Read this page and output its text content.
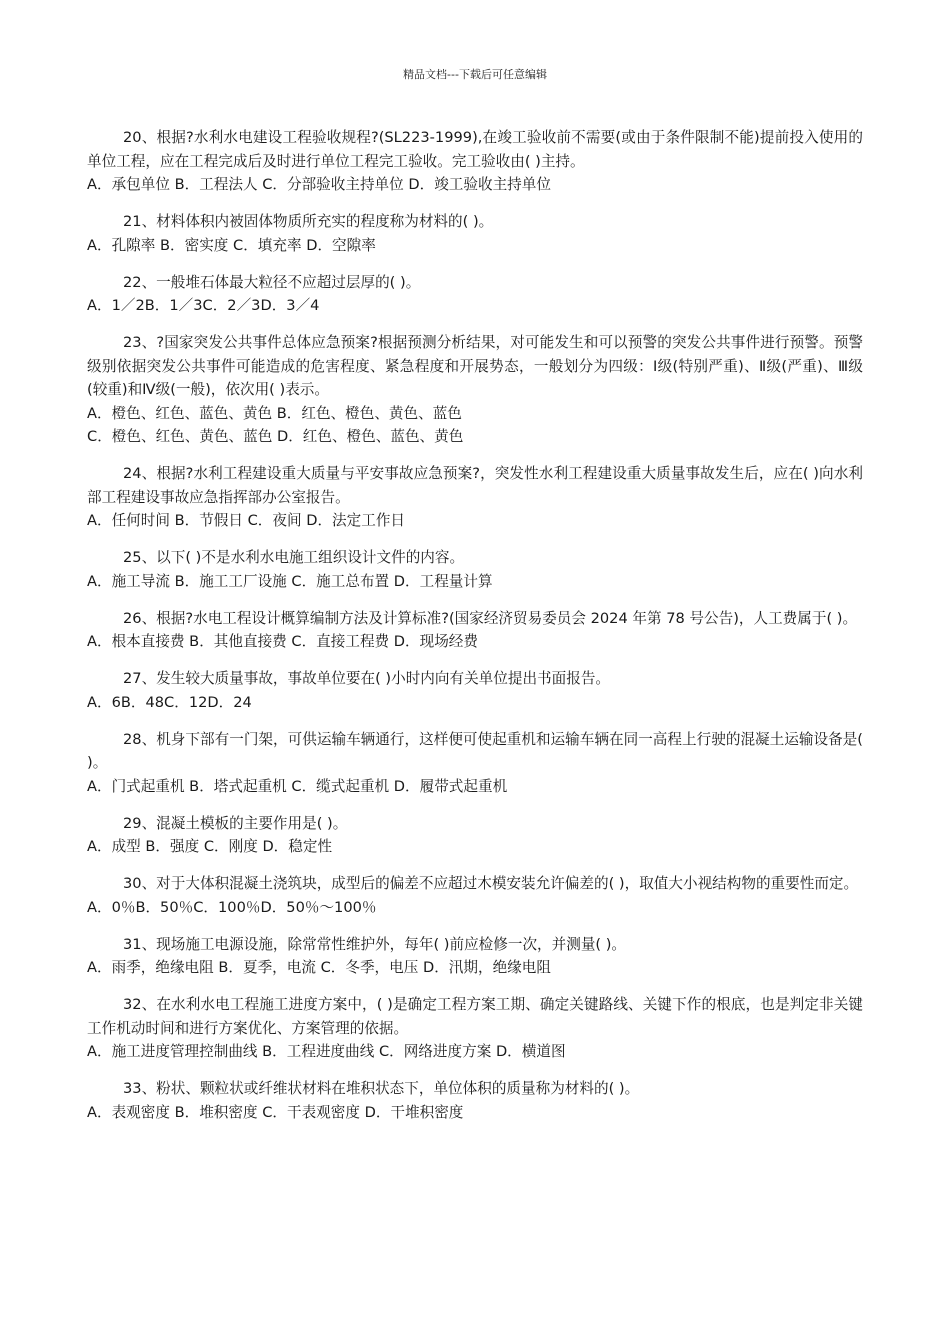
精品文档---下载后可任意编辑

20、根据?水利水电建设工程验收规程?(SL223-1999),在竣工验收前不需要(或由于条件限制不能)提前投入使用的单位工程，应在工程完成后及时进行单位工程完工验收。完工验收由( )主持。

A．承包单位 B．工程法人 C．分部验收主持单位 D．竣工验收主持单位

21、材料体积内被固体物质所充实的程度称为材料的( )。

A．孔隙率 B．密实度 C．填充率 D．空隙率

22、一般堆石体最大粒径不应超过层厚的( )。

A．1／2B．1／3C．2／3D．3／4

23、?国家突发公共事件总体应急预案?根据预测分析结果，对可能发生和可以预警的突发公共事件进行预警。预警级别依据突发公共事件可能造成的危害程度、紧急程度和开展势态，一般划分为四级：Ⅰ级(特别严重)、Ⅱ级(严重)、Ⅲ级(较重)和Ⅳ级(一般)，依次用( )表示。

A．橙色、红色、蓝色、黄色 B．红色、橙色、黄色、蓝色

C．橙色、红色、黄色、蓝色 D．红色、橙色、蓝色、黄色

24、根据?水利工程建设重大质量与平安事故应急预案?，突发性水利工程建设重大质量事故发生后，应在( )向水利部工程建设事故应急指挥部办公室报告。

A．任何时间 B．节假日 C．夜间 D．法定工作日

25、以下( )不是水利水电施工组织设计文件的内容。

A．施工导流 B．施工工厂设施 C．施工总布置 D．工程量计算

26、根据?水电工程设计概算编制方法及计算标准?(国家经济贸易委员会 2024 年第 78 号公告)，人工费属于( )。

A．根本直接费 B．其他直接费 C．直接工程费 D．现场经费

27、发生较大质量事故，事故单位要在( )小时内向有关单位提出书面报告。

A．6B．48C．12D．24

28、机身下部有一门架，可供运输车辆通行，这样便可使起重机和运输车辆在同一高程上行驶的混凝土运输设备是( )。

A．门式起重机 B．塔式起重机 C．缆式起重机 D．履带式起重机

29、混凝土模板的主要作用是( )。

A．成型 B．强度 C．刚度 D．稳定性

30、对于大体积混凝土浇筑块，成型后的偏差不应超过木模安装允许偏差的( )，取值大小视结构物的重要性而定。

A．0％B．50％C．100％D．50％～100％

31、现场施工电源设施，除常常性维护外，每年( )前应检修一次，并测量( )。

A．雨季，绝缘电阻 B．夏季，电流 C．冬季，电压 D．汛期，绝缘电阻

32、在水利水电工程施工进度方案中，( )是确定工程方案工期、确定关键路线、关键下作的根底，也是判定非关键工作机动时间和进行方案优化、方案管理的依据。

A．施工进度管理控制曲线 B．工程进度曲线 C．网络进度方案 D．横道图

33、粉状、颗粒状或纤维状材料在堆积状态下，单位体积的质量称为材料的( )。

A．表观密度 B．堆积密度 C．干表观密度 D．干堆积密度
